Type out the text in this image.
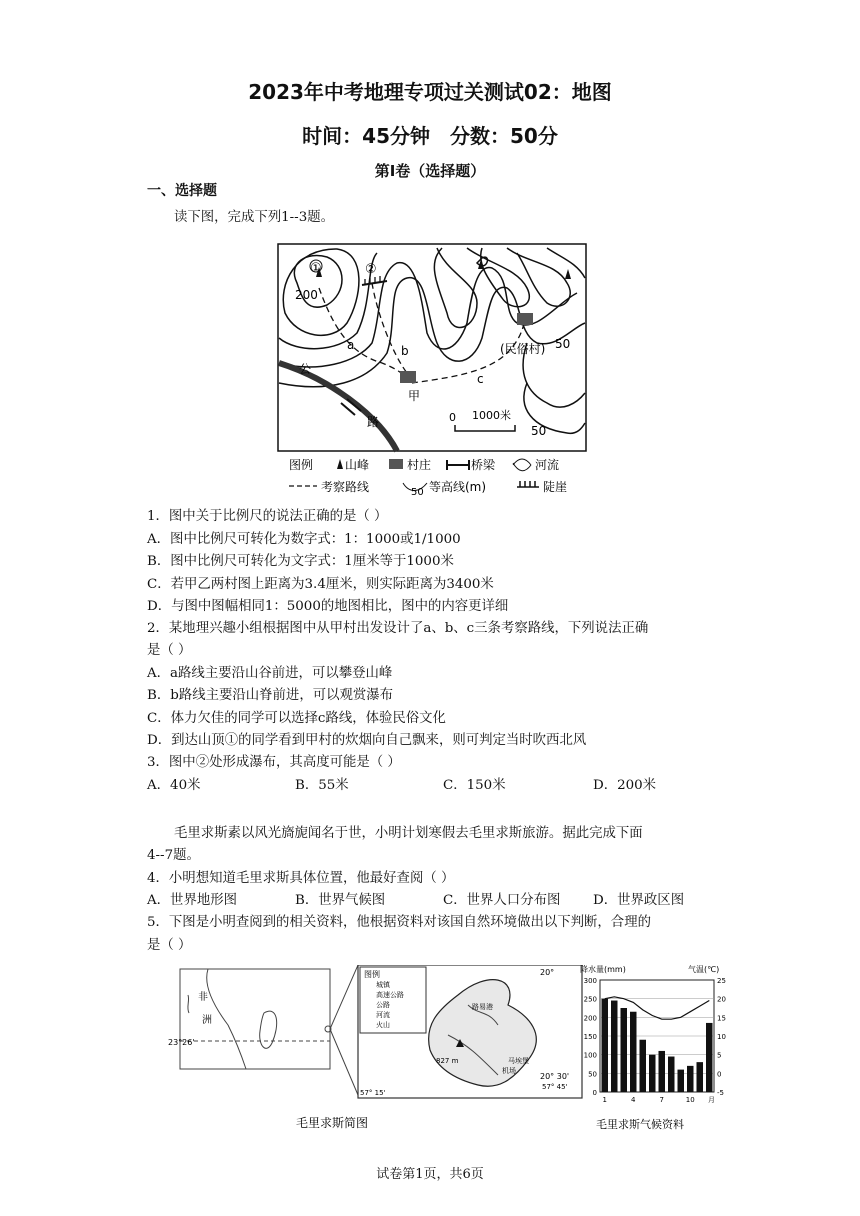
2023年中考地理专项过关测试02：地图
时间：45分钟　分数：50分
第Ⅰ卷（选择题）
一、选择题
读下图，完成下列1--3题。
①	②
200
a	b
c
甲
(民俗村) 50
50
公
路	0 1000米
图例	山峰	村庄	桥梁	河流
考察路线	50 等高线(m)	陡崖
1．图中关于比例尺的说法正确的是（ ）
A．图中比例尺可转化为数字式：1：1000或1/1000
B．图中比例尺可转化为文字式：1厘米等于1000米
C．若甲乙两村图上距离为3.4厘米，则实际距离为3400米
D．与图中图幅相同1：5000的地图相比，图中的内容更详细
2．某地理兴趣小组根据图中从甲村出发设计了a、b、c三条考察路线，下列说法正确
是（ ）
A．a路线主要沿山谷前进，可以攀登山峰
B．b路线主要沿山脊前进，可以观赏瀑布
C．体力欠佳的同学可以选择c路线，体验民俗文化
D．到达山顶①的同学看到甲村的炊烟向自己飘来，则可判定当时吹西北风
3．图中②处形成瀑布，其高度可能是（ ）
A．40米	B．55米	C．150米	D．200米
毛里求斯素以风光旖旎闻名于世，小明计划寒假去毛里求斯旅游。据此完成下面
4--7题。
4．小明想知道毛里求斯具体位置，他最好查阅（ ）
A．世界地形图	B．世界气候图	C．世界人口分布图 D．世界政区图
5．下图是小明查阅到的相关资料，他根据资料对该国自然环境做出以下判断，合理的
是（ ）
非
洲
23°26'
图例
城镇
高速公路
公路
河流
火山
20°
路易港
马埃堡
机场
827 m
20° 30'
57° 15'
57° 45'
毛里求斯简图
降水量(mm)	气温(℃)
300
250
200
150
100
50
0
25
20
15
10
5
0
-5
1	4	7	10 月
毛里求斯气候资料
试卷第1页，共6页
